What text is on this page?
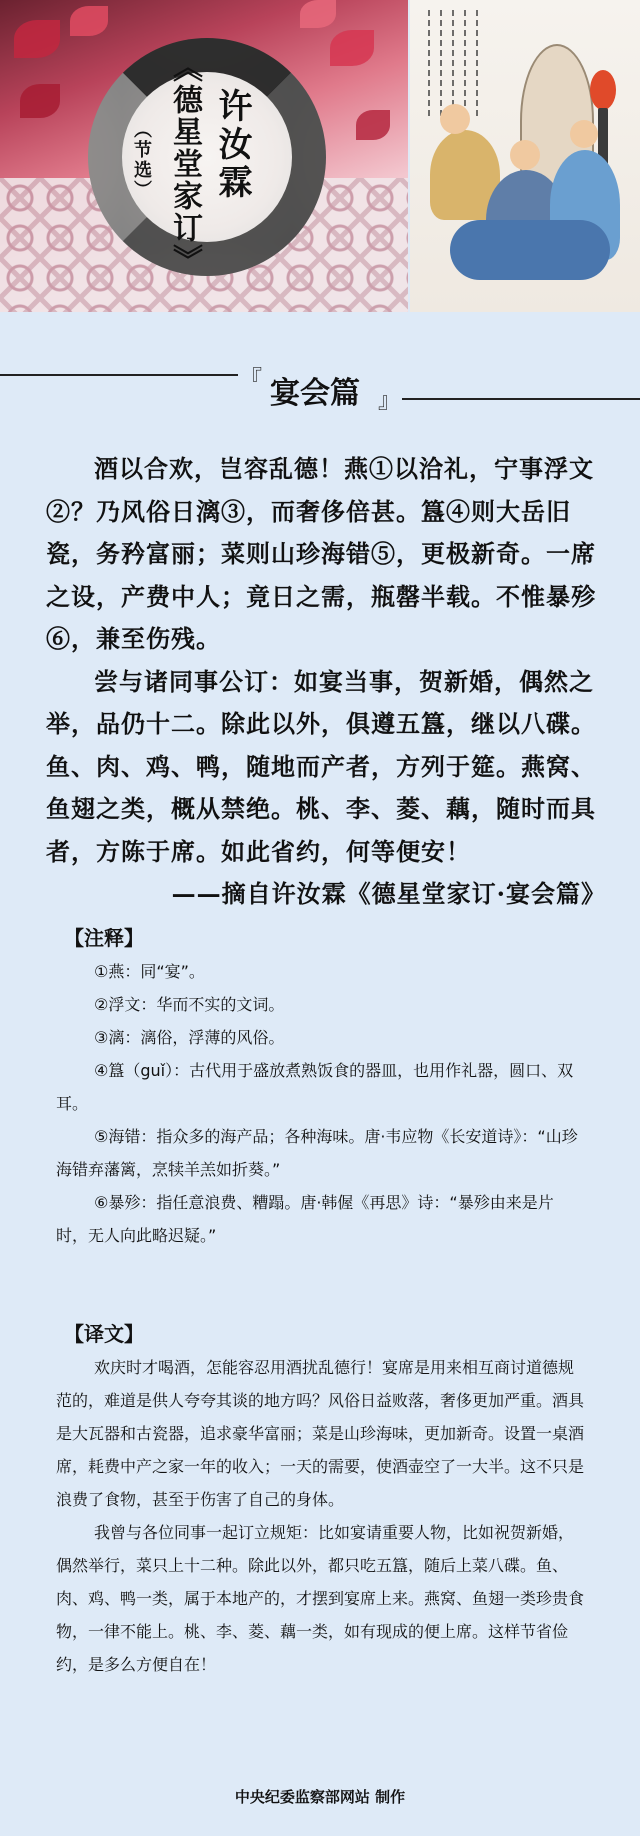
许汝霖
《德星堂家订》
（节选）
『 宴会篇 』

酒以合欢，岂容乱德！燕①以洽礼，宁事浮文②？乃风俗日漓③，而奢侈倍甚。簋④则大岳旧瓷，务矜富丽；菜则山珍海错⑤，更极新奇。一席之设，产费中人；竟日之需，瓶罄半载。不惟暴殄⑥，兼至伤残。

尝与诸同事公订：如宴当事，贺新婚，偶然之举，品仍十二。除此以外，俱遵五簋，继以八碟。鱼、肉、鸡、鸭，随地而产者，方列于筵。燕窝、鱼翅之类，概从禁绝。桃、李、菱、藕，随时而具者，方陈于席。如此省约，何等便安！

——摘自许汝霖《德星堂家订·宴会篇》
【注释】

①燕：同“宴”。

②浮文：华而不实的文词。

③漓：漓俗，浮薄的风俗。

④簋（guǐ）：古代用于盛放煮熟饭食的器皿，也用作礼器，圆口、双耳。

⑤海错：指众多的海产品；各种海味。唐·韦应物《长安道诗》：“山珍海错弃藩篱，烹犊羊羔如折葵。”

⑥暴殄：指任意浪费、糟蹋。唐·韩偓《再思》诗：“暴殄由来是片时，无人向此略迟疑。”

【译文】

欢庆时才喝酒，怎能容忍用酒扰乱德行！宴席是用来相互商讨道德规范的，难道是供人夸夸其谈的地方吗？风俗日益败落，奢侈更加严重。酒具是大瓦器和古瓷器，追求豪华富丽；菜是山珍海味，更加新奇。设置一桌酒席，耗费中产之家一年的收入；一天的需要，使酒壶空了一大半。这不只是浪费了食物，甚至于伤害了自己的身体。

我曾与各位同事一起订立规矩：比如宴请重要人物，比如祝贺新婚，偶然举行，菜只上十二种。除此以外，都只吃五簋，随后上菜八碟。鱼、肉、鸡、鸭一类，属于本地产的，才摆到宴席上来。燕窝、鱼翅一类珍贵食物，一律不能上。桃、李、菱、藕一类，如有现成的便上席。这样节省俭约，是多么方便自在！

中央纪委监察部网站 制作
